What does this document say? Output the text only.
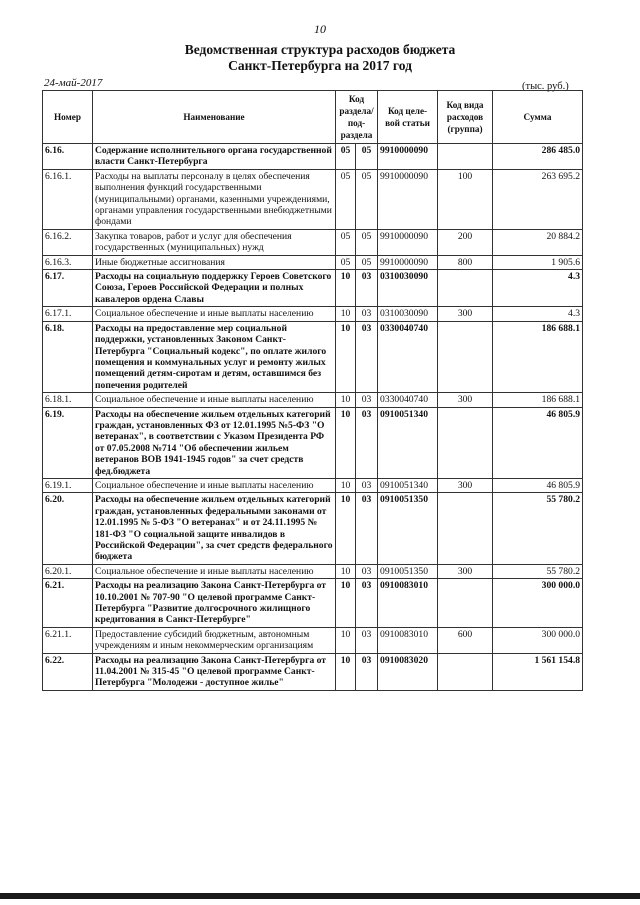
10
Ведомственная структура расходов бюджета
Санкт-Петербурга на 2017 год
24-май-2017	(тыс. руб.)
Номер	Наименование	Код раздела/ под- раздела		Код целе- вой статьи	Код вида расходов (группа)	Сумма
6.16.	Содержание исполнительного органа государственной власти Санкт-Петербурга	05	05	9910000090		286 485.0
6.16.1.	Расходы на выплаты персоналу в целях обеспечения выполнения функций государственными (муниципальными) органами, казенными учреждениями, органами управления государственными внебюджетными фондами	05	05	9910000090	100	263 695.2
6.16.2.	Закупка товаров, работ и услуг для обеспечения государственных (муниципальных) нужд	05	05	9910000090	200	20 884.2
6.16.3.	Иные бюджетные ассигнования	05	05	9910000090	800	1 905.6
6.17.	Расходы на социальную поддержку Героев Советского Союза, Героев Российской Федерации и полных кавалеров ордена Славы	10	03	0310030090		4.3
6.17.1.	Социальное обеспечение и иные выплаты населению	10	03	0310030090	300	4.3
6.18.	Расходы на предоставление мер социальной поддержки, установленных Законом Санкт-Петербурга "Социальный кодекс", по оплате жилого помещения и коммунальных услуг и ремонту жилых помещений детям-сиротам и детям, оставшимся без попечения родителей	10	03	0330040740		186 688.1
6.18.1.	Социальное обеспечение и иные выплаты населению	10	03	0330040740	300	186 688.1
6.19.	Расходы на обеспечение жильем отдельных категорий граждан, установленных ФЗ от 12.01.1995 №5-ФЗ "О ветеранах", в соответствии с Указом Президента РФ от 07.05.2008 №714 "Об обеспечении жильем ветеранов ВОВ 1941-1945 годов" за счет средств фед.бюджета	10	03	0910051340		46 805.9
6.19.1.	Социальное обеспечение и иные выплаты населению	10	03	0910051340	300	46 805.9
6.20.	Расходы на обеспечение жильем отдельных категорий граждан, установленных федеральными законами от 12.01.1995 № 5-ФЗ "О ветеранах" и от 24.11.1995 № 181-ФЗ "О социальной защите инвалидов в Российской Федерации", за счет средств федерального бюджета	10	03	0910051350		55 780.2
6.20.1.	Социальное обеспечение и иные выплаты населению	10	03	0910051350	300	55 780.2
6.21.	Расходы на реализацию Закона Санкт-Петербурга от 10.10.2001 № 707-90 "О целевой программе Санкт-Петербурга "Развитие долгосрочного жилищного кредитования в Санкт-Петербурге"	10	03	0910083010		300 000.0
6.21.1.	Предоставление субсидий бюджетным, автономным учреждениям и иным некоммерческим организациям	10	03	0910083010	600	300 000.0
6.22.	Расходы на реализацию Закона Санкт-Петербурга от 11.04.2001 № 315-45 "О целевой программе Санкт-Петербурга "Молодежи - доступное жилье"	10	03	0910083020		1 561 154.8
